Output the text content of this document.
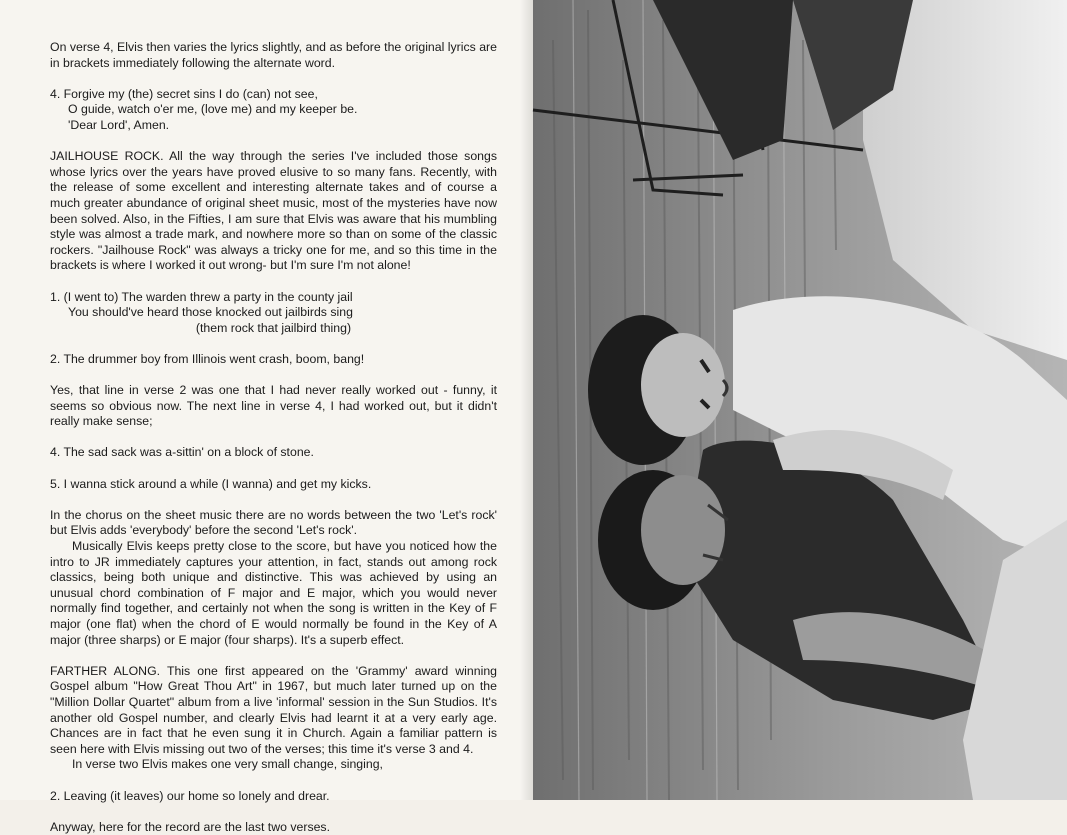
On verse 4, Elvis then varies the lyrics slightly, and as before the original lyrics are in brackets immediately following the alternate word.

4. Forgive my (the) secret sins I do (can) not see,

O guide, watch o'er me, (love me) and my keeper be.

'Dear Lord', Amen.

JAILHOUSE ROCK. All the way through the series I've included those songs whose lyrics over the years have proved elusive to so many fans. Recently, with the release of some excellent and interesting alternate takes and of course a much greater abundance of original sheet music, most of the mysteries have now been solved. Also, in the Fifties, I am sure that Elvis was aware that his mumbling style was almost a trade mark, and nowhere more so than on some of the classic rockers. "Jailhouse Rock" was always a tricky one for me, and so this time in the brackets is where I worked it out wrong- but I'm sure I'm not alone!

1. (I went to) The warden threw a party in the county jail

You should've heard those knocked out jailbirds sing

(them rock that jailbird thing)

2. The drummer boy from Illinois went crash, boom, bang!

Yes, that line in verse 2 was one that I had never really worked out - funny, it seems so obvious now. The next line in verse 4, I had worked out, but it didn't really make sense;

4. The sad sack was a-sittin' on a block of stone.

5. I wanna stick around a while (I wanna) and get my kicks.

In the chorus on the sheet music there are no words between the two 'Let's rock' but Elvis adds 'everybody' before the second 'Let's rock'.

Musically Elvis keeps pretty close to the score, but have you noticed how the intro to JR immediately captures your attention, in fact, stands out among rock classics, being both unique and distinctive. This was achieved by using an unusual chord combination of F major and E major, which you would never normally find together, and certainly not when the song is written in the Key of F major (one flat) when the chord of E would normally be found in the Key of A major (three sharps) or E major (four sharps). It's a superb effect.

FARTHER ALONG. This one first appeared on the 'Grammy' award winning Gospel album "How Great Thou Art" in 1967, but much later turned up on the "Million Dollar Quartet" album from a live 'informal' session in the Sun Studios. It's another old Gospel number, and clearly Elvis had learnt it at a very early age. Chances are in fact that he even sung it in Church. Again a familiar pattern is seen here with Elvis missing out two of the verses; this time it's verse 3 and 4.

In verse two Elvis makes one very small change, singing,

2. Leaving (it leaves) our home so lonely and drear.

Anyway, here for the record are the last two verses.
